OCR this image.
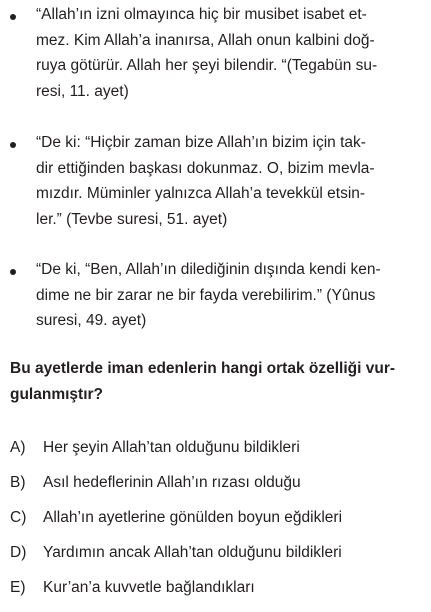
“Allah’ın izni olmayınca hiç bir musibet isabet et-
mez. Kim Allah’a inanırsa, Allah onun kalbini doğ-
ruya götürür. Allah her şeyi bilendir. “(Tegabün su-
resi, 11. ayet)

“De ki: “Hiçbir zaman bize Allah’ın bizim için tak-
dir ettiğinden başkası dokunmaz. O, bizim mevla-
mızdır. Müminler yalnızca Allah’a tevekkül etsin-
ler.” (Tevbe suresi, 51. ayet)

“De ki, “Ben, Allah’ın dilediğinin dışında kendi ken-
dime ne bir zarar ne bir fayda verebilirim.” (Yûnus
suresi, 49. ayet)

Bu ayetlerde iman edenlerin hangi ortak özelliği vur-
gulanmıştır?

A) Her şeyin Allah’tan olduğunu bildikleri
B) Asıl hedeflerinin Allah’ın rızası olduğu
C) Allah’ın ayetlerine gönülden boyun eğdikleri
D) Yardımın ancak Allah’tan olduğunu bildikleri
E) Kur’an’a kuvvetle bağlandıkları
